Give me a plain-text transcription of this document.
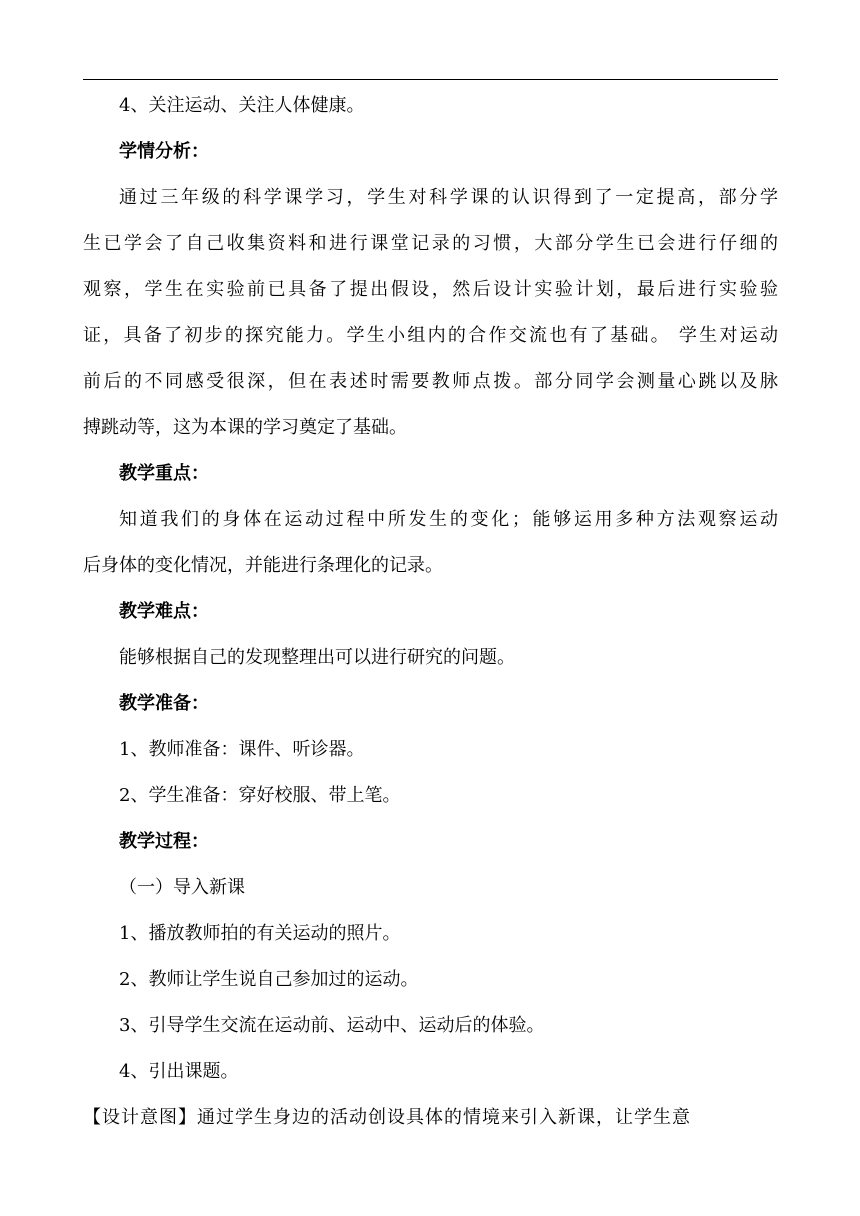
4、关注运动、关注人体健康。
学情分析：
通过三年级的科学课学习，学生对科学课的认识得到了一定提高，部分学
生已学会了自己收集资料和进行课堂记录的习惯，大部分学生已会进行仔细的
观察，学生在实验前已具备了提出假设，然后设计实验计划，最后进行实验验
证，具备了初步的探究能力。学生小组内的合作交流也有了基础。 学生对运动
前后的不同感受很深，但在表述时需要教师点拨。部分同学会测量心跳以及脉
搏跳动等，这为本课的学习奠定了基础。
教学重点：
知道我们的身体在运动过程中所发生的变化；能够运用多种方法观察运动
后身体的变化情况，并能进行条理化的记录。
教学难点：
能够根据自己的发现整理出可以进行研究的问题。
教学准备：
1、教师准备：课件、听诊器。
2、学生准备：穿好校服、带上笔。
教学过程：
（一）导入新课
1、播放教师拍的有关运动的照片。
2、教师让学生说自己参加过的运动。
3、引导学生交流在运动前、运动中、运动后的体验。
4、引出课题。
【设计意图】通过学生身边的活动创设具体的情境来引入新课，让学生意
